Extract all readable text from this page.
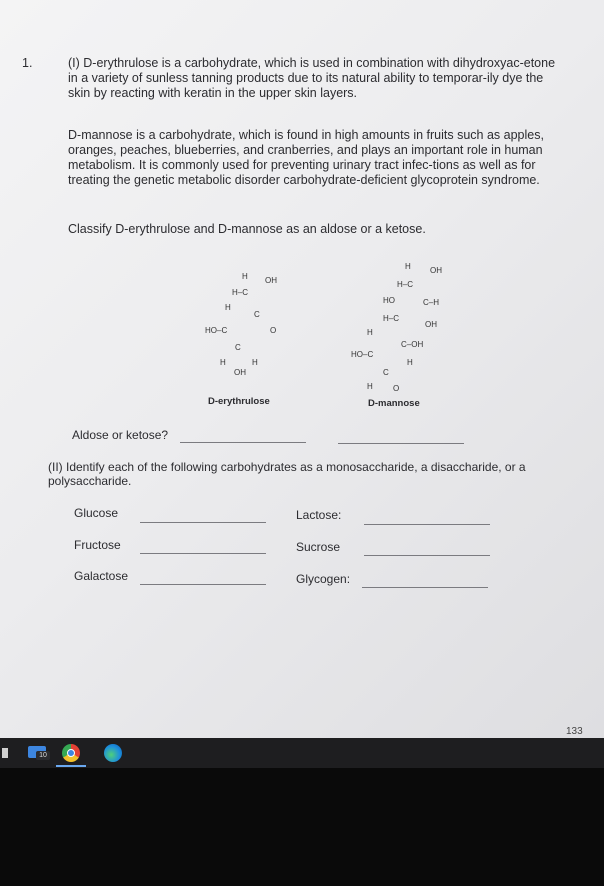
1.	(I) D-erythrulose is a carbohydrate, which is used in combination with dihydroxyac-etone in a variety of sunless tanning products due to its natural ability to temporar-ily dye the skin by reacting with keratin in the upper skin layers.
D-mannose is a carbohydrate, which is found in high amounts in fruits such as apples, oranges, peaches, blueberries, and cranberries, and plays an important role in human metabolism. It is commonly used for preventing urinary tract infec-tions as well as for treating the genetic metabolic disorder carbohydrate-deficient glycoprotein syndrome.
Classify D-erythrulose and D-mannose as an aldose or a ketose.
H OH
H–C
H
C
HO–C	O
C
H	H
OH
D-erythrulose
H OH
H–C
HO	C–H
H–C
OH
H
C–OH
HO–C
H
C
H	O
D-mannose
Aldose or ketose?
(II) Identify each of the following carbohydrates as a monosaccharide, a disaccharide, or a polysaccharide.
Glucose	Lactose:
Fructose	Sucrose
Galactose	Glycogen:
133
10
